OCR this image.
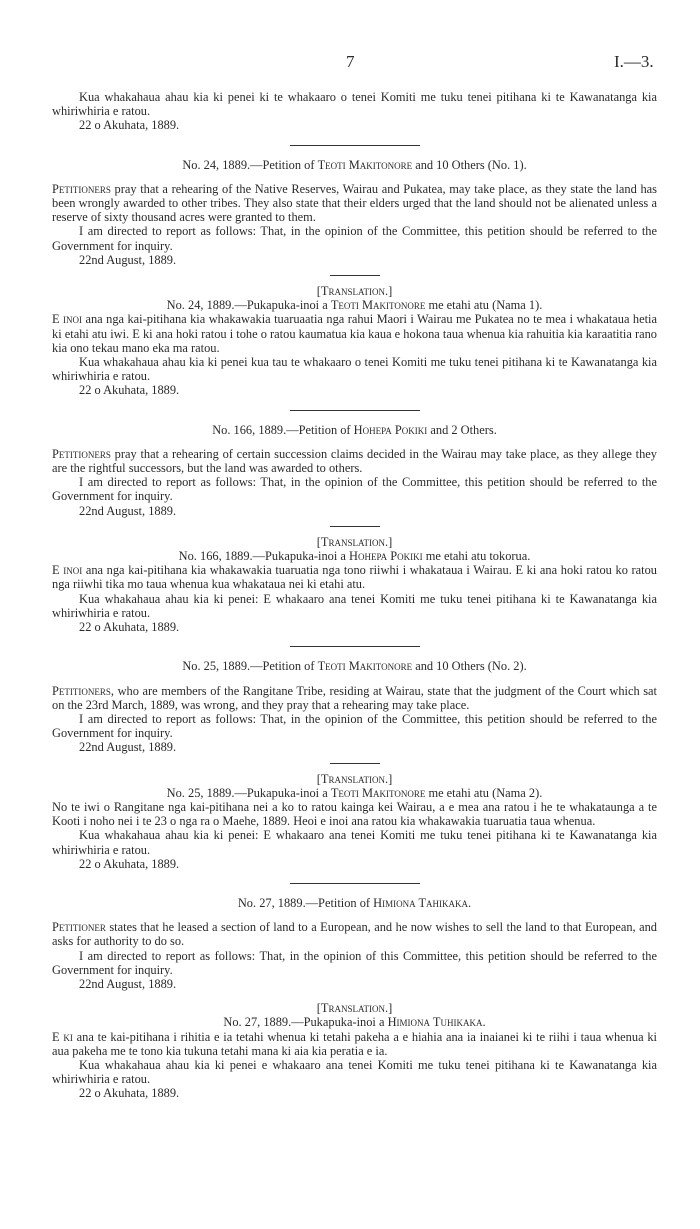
7	I.—3.

Kua whakahaua ahau kia ki penei ki te whakaaro o tenei Komiti me tuku tenei pitihana ki te Kawanatanga kia whiriwhiria e ratou.

22 o Akuhata, 1889.

No. 24, 1889.—Petition of Teoti Makitonore and 10 Others (No. 1).

Petitioners pray that a rehearing of the Native Reserves, Wairau and Pukatea, may take place, as they state the land has been wrongly awarded to other tribes. They also state that their elders urged that the land should not be alienated unless a reserve of sixty thousand acres were granted to them.

I am directed to report as follows: That, in the opinion of the Committee, this petition should be referred to the Government for inquiry.

22nd August, 1889.

[Translation.]

No. 24, 1889.—Pukapuka-inoi a Teoti Makitonore me etahi atu (Nama 1).

E inoi ana nga kai-pitihana kia whakawakia tuaruaatia nga rahui Maori i Wairau me Pukatea no te mea i whakataua hetia ki etahi atu iwi. E ki ana hoki ratou i tohe o ratou kaumatua kia kaua e hokona taua whenua kia rahuitia kia karaatitia rano kia ono tekau mano eka ma ratou.

Kua whakahaua ahau kia ki penei kua tau te whakaaro o tenei Komiti me tuku tenei pitihana ki te Kawanatanga kia whiriwhiria e ratou.

22 o Akuhata, 1889.

No. 166, 1889.—Petition of Hohepa Pokiki and 2 Others.

Petitioners pray that a rehearing of certain succession claims decided in the Wairau may take place, as they allege they are the rightful successors, but the land was awarded to others.

I am directed to report as follows: That, in the opinion of the Committee, this petition should be referred to the Government for inquiry.

22nd August, 1889.

[Translation.]

No. 166, 1889.—Pukapuka-inoi a Hohepa Pokiki me etahi atu tokorua.

E inoi ana nga kai-pitihana kia whakawakia tuaruatia nga tono riiwhi i whakataua i Wairau. E ki ana hoki ratou ko ratou nga riiwhi tika mo taua whenua kua whakataua nei ki etahi atu.

Kua whakahaua ahau kia ki penei: E whakaaro ana tenei Komiti me tuku tenei pitihana ki te Kawanatanga kia whiriwhiria e ratou.

22 o Akuhata, 1889.

No. 25, 1889.—Petition of Teoti Makitonore and 10 Others (No. 2).

Petitioners, who are members of the Rangitane Tribe, residing at Wairau, state that the judgment of the Court which sat on the 23rd March, 1889, was wrong, and they pray that a rehearing may take place.

I am directed to report as follows: That, in the opinion of the Committee, this petition should be referred to the Government for inquiry.

22nd August, 1889.

[Translation.]

No. 25, 1889.—Pukapuka-inoi a Teoti Makitonore me etahi atu (Nama 2).

No te iwi o Rangitane nga kai-pitihana nei a ko to ratou kainga kei Wairau, a e mea ana ratou i he te whakataunga a te Kooti i noho nei i te 23 o nga ra o Maehe, 1889. Heoi e inoi ana ratou kia whakawakia tuaruatia taua whenua.

Kua whakahaua ahau kia ki penei: E whakaaro ana tenei Komiti me tuku tenei pitihana ki te Kawanatanga kia whiriwhiria e ratou.

22 o Akuhata, 1889.

No. 27, 1889.—Petition of Himiona Tahikaka.

Petitioner states that he leased a section of land to a European, and he now wishes to sell the land to that European, and asks for authority to do so.

I am directed to report as follows: That, in the opinion of this Committee, this petition should be referred to the Government for inquiry.

22nd August, 1889.

[Translation.]

No. 27, 1889.—Pukapuka-inoi a Himiona Tuhikaka.

E ki ana te kai-pitihana i rihitia e ia tetahi whenua ki tetahi pakeha a e hiahia ana ia inaianei ki te riihi i taua whenua ki aua pakeha me te tono kia tukuna tetahi mana ki aia kia peratia e ia.

Kua whakahaua ahau kia ki penei e whakaaro ana tenei Komiti me tuku tenei pitihana ki te Kawanatanga kia whiriwhiria e ratou.

22 o Akuhata, 1889.
